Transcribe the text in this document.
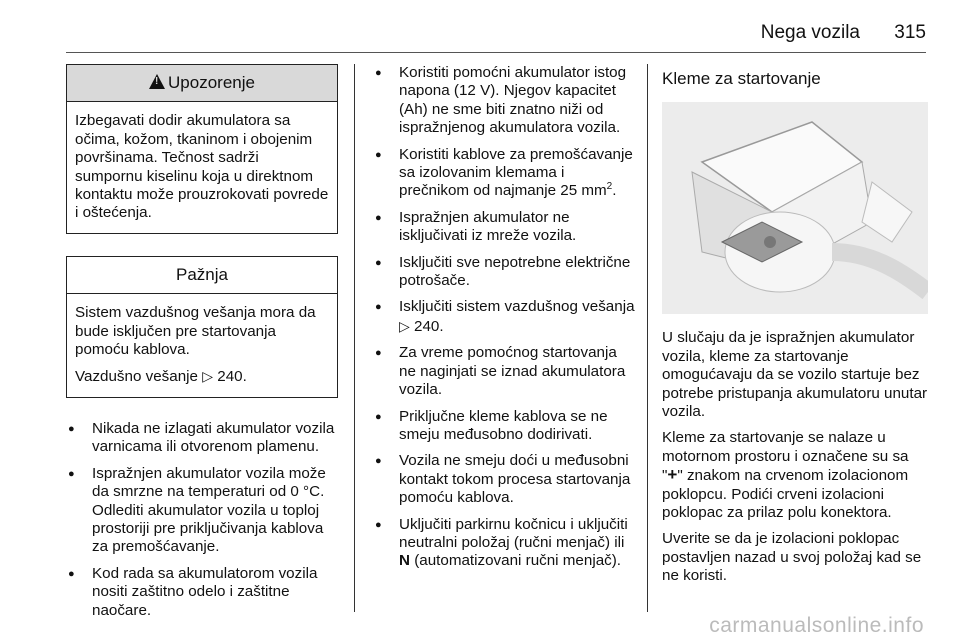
Nega vozila 315
!Upozorenje

Izbegavati dodir akumulatora sa očima, kožom, tkaninom i obojenim površinama. Tečnost sadrži sumpornu kiselinu koja u direktnom kontaktu može prouzrokovati povrede i oštećenja.

Pažnja

Sistem vazdušnog vešanja mora da bude isključen pre startovanja pomoću kablova.

Vazdušno vešanje ▷ 240.

● Nikada ne izlagati akumulator vozila varnicama ili otvorenom plamenu.
● Ispražnjen akumulator vozila može da smrzne na temperaturi od 0 °C. Odlediti akumulator vozila u toploj prostoriji pre priključivanja kablova za premošćavanje.
● Kod rada sa akumulatorom vozila nositi zaštitno odelo i zaštitne naočare.
● Koristiti pomoćni akumulator istog napona (12 V). Njegov kapacitet (Ah) ne sme biti znatno niži od ispražnjenog akumulatora vozila.
● Koristiti kablove za premošćavanje sa izolovanim klemama i prečnikom od najmanje 25 $mm^2$.
● Ispražnjen akumulator ne isključivati iz mreže vozila.
● Isključiti sve nepotrebne električne potrošače.
● Isključiti sistem vazdušnog vešanja ▷ 240.
● Za vreme pomoćnog startovanja ne naginjati se iznad akumulatora vozila.
● Priključne kleme kablova se ne smeju međusobno dodirivati.
● Vozila ne smeju doći u međusobni kontakt tokom procesa startovanja pomoću kablova.
● Uključiti parkirnu kočnicu i uključiti neutralni položaj (ručni menjač) ili N (automatizovani ručni menjač).
Kleme za startovanje

U slučaju da je ispražnjen akumulator vozila, kleme za startovanje omogućavaju da se vozilo startuje bez potrebe pristupanja akumulatoru unutar vozila.

Kleme za startovanje se nalaze u motornom prostoru i označene su sa "+" znakom na crvenom izolacionom poklopcu. Podići crveni izolacioni poklopac za prilaz polu konektora.

Uverite se da je izolacioni poklopac postavljen nazad u svoj položaj kad se ne koristi.

carmanualsonline.info
